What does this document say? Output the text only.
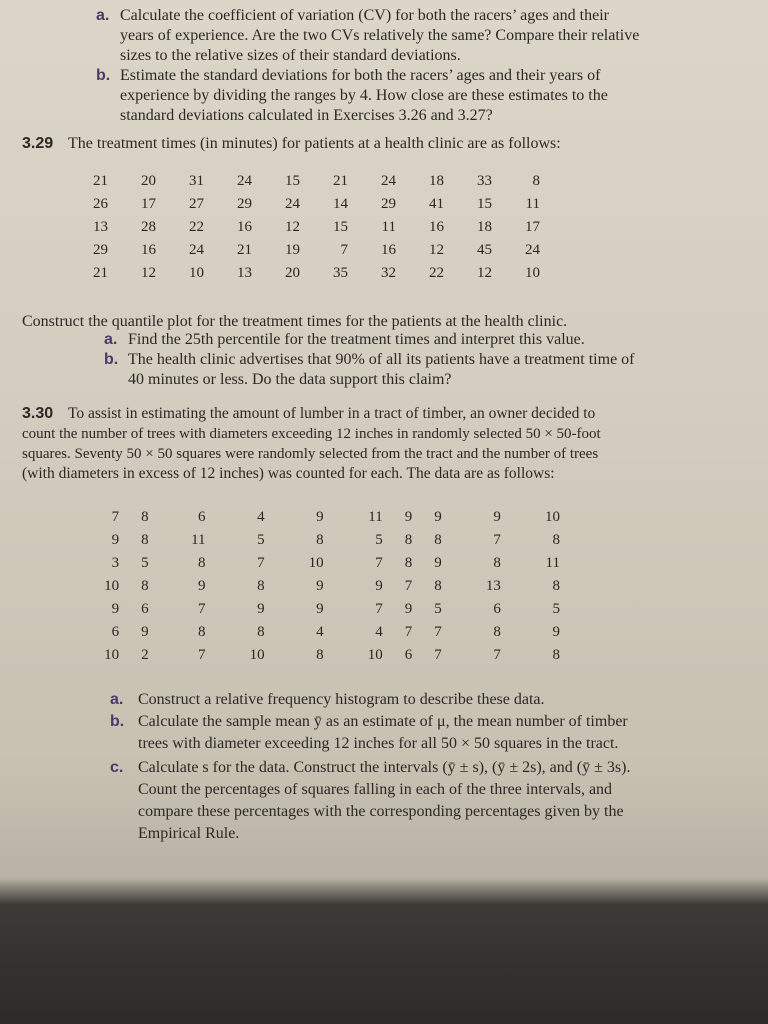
a. Calculate the coefficient of variation (CV) for both the racers’ ages and their
years of experience. Are the two CVs relatively the same? Compare their relative
sizes to the relative sizes of their standard deviations.
b. Estimate the standard deviations for both the racers’ ages and their years of
experience by dividing the ranges by 4. How close are these estimates to the
standard deviations calculated in Exercises 3.26 and 3.27?
3.29 The treatment times (in minutes) for patients at a health clinic are as follows:
21	20	31	24	15	21	24	18	33	8
26	17	27	29	24	14	29	41	15	11
13	28	22	16	12	15	11	16	18	17
29	16	24	21	19	7	16	12	45	24
21	12	10	13	20	35	32	22	12	10
Construct the quantile plot for the treatment times for the patients at the health clinic.
a. Find the 25th percentile for the treatment times and interpret this value.
b. The health clinic advertises that 90% of all its patients have a treatment time of
40 minutes or less. Do the data support this claim?
3.30 To assist in estimating the amount of lumber in a tract of timber, an owner decided to
count the number of trees with diameters exceeding 12 inches in randomly selected 50 × 50-foot
squares. Seventy 50 × 50 squares were randomly selected from the tract and the number of trees
(with diameters in excess of 12 inches) was counted for each. The data are as follows:
7	8	6	4	9	11	9	9	9	10
9	8	11	5	8	5	8	8	7	8
3	5	8	7	10	7	8	9	8	11
10	8	9	8	9	9	7	8	13	8
9	6	7	9	9	7	9	5	6	5
6	9	8	8	4	4	7	7	8	9
10	2	7	10	8	10	6	7	7	8
a. Construct a relative frequency histogram to describe these data.
b. Calculate the sample mean ȳ as an estimate of μ, the mean number of timber
trees with diameter exceeding 12 inches for all 50 × 50 squares in the tract.
c. Calculate s for the data. Construct the intervals (ȳ ± s), (ȳ ± 2s), and (ȳ ± 3s).
Count the percentages of squares falling in each of the three intervals, and
compare these percentages with the corresponding percentages given by the
Empirical Rule.
